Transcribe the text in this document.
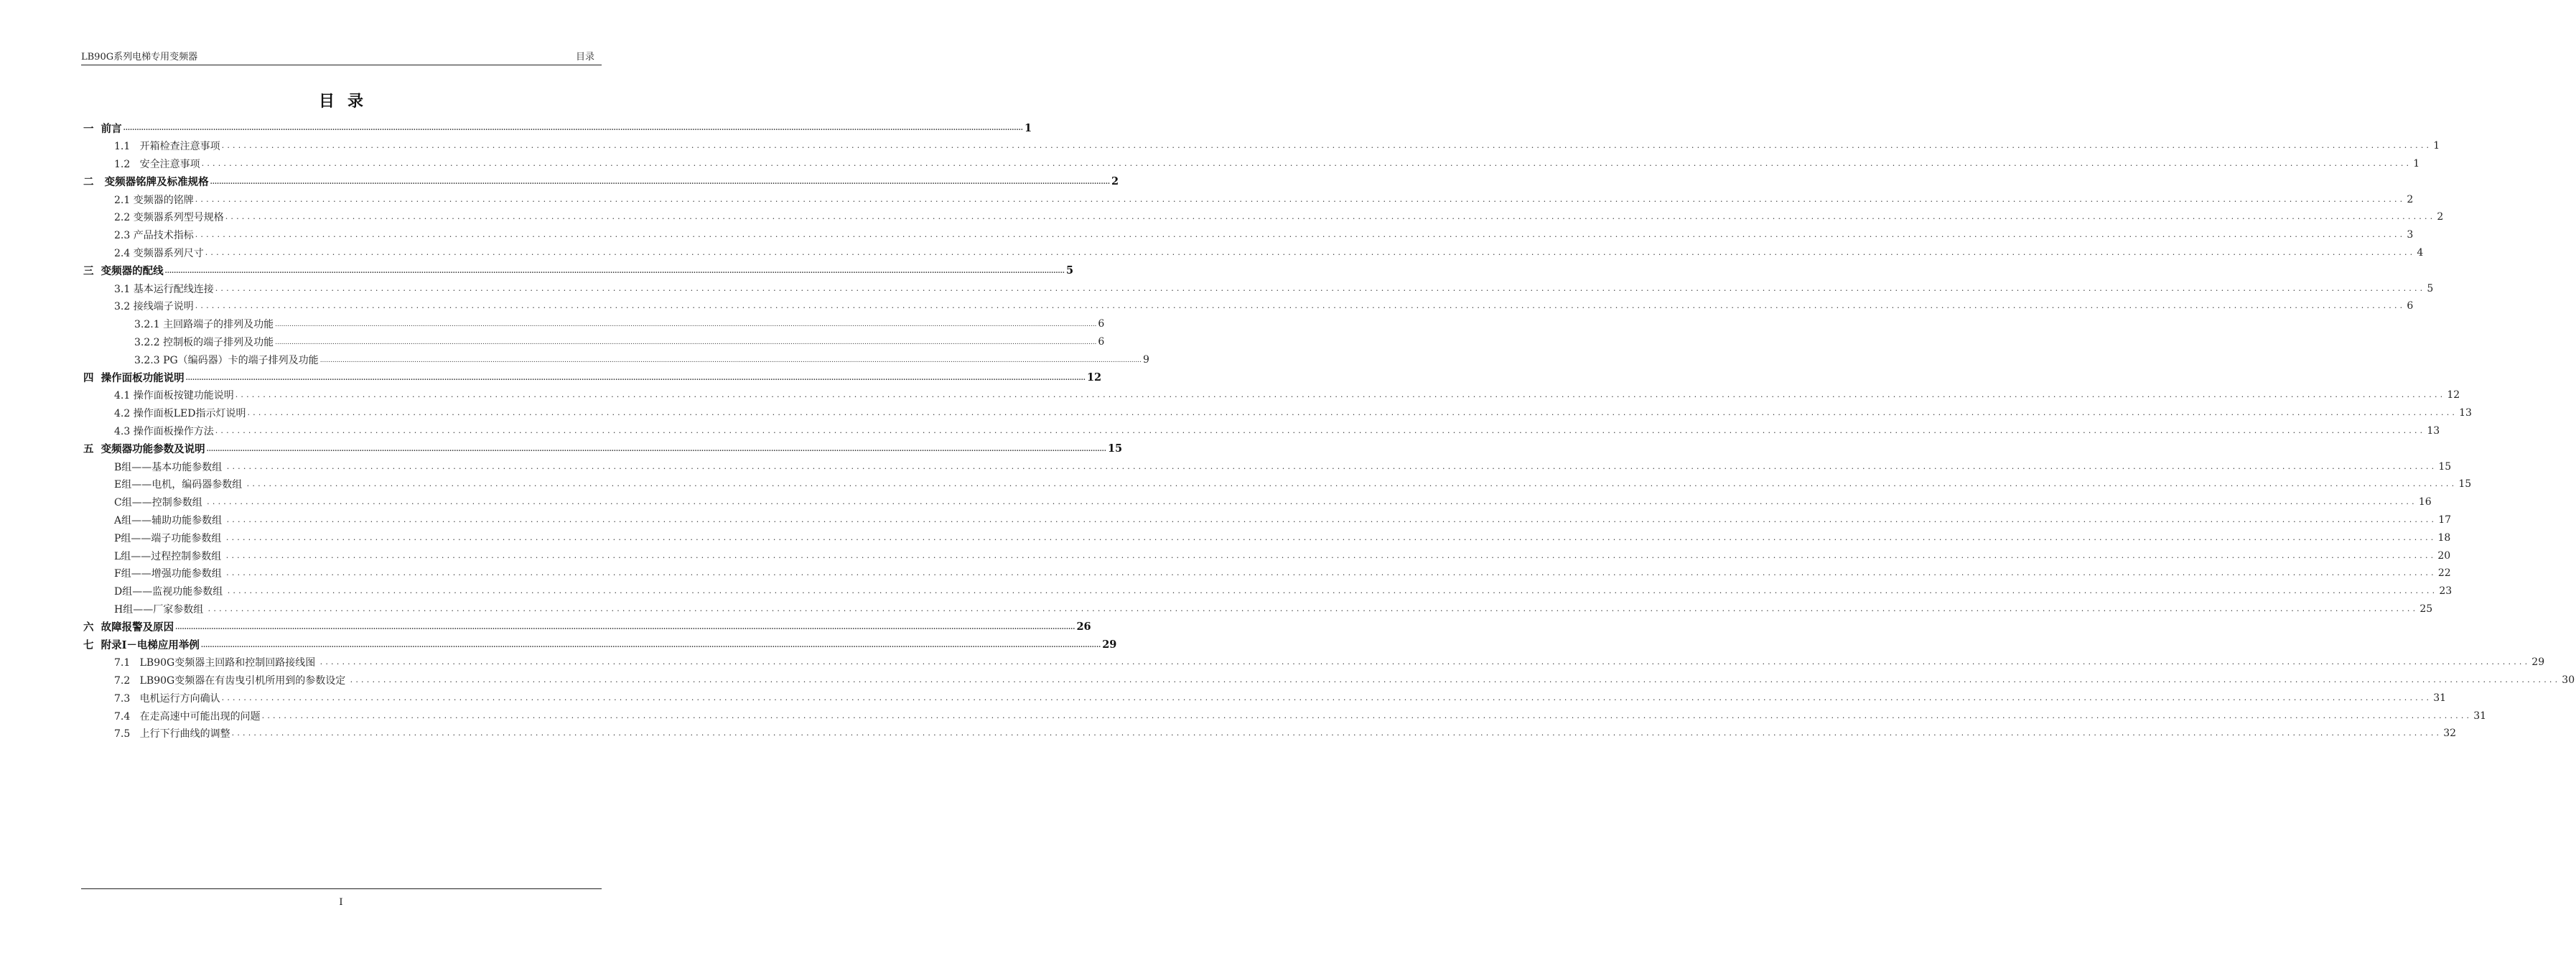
LB90G系列电梯专用变频器	目录
目录
一  前言 ................................................................................................................................................................................................................................................................................................................................................................................................................ 1
1.1   开箱检查注意事项 ................................................................................................................................................................................................................................................................................................................................................................................................................ 1
1.2   安全注意事项 ................................................................................................................................................................................................................................................................................................................................................................................................................ 1
二   变频器铭牌及标准规格 ................................................................................................................................................................................................................................................................................................................................................................................................................ 2
2.1 变频器的铭牌 ................................................................................................................................................................................................................................................................................................................................................................................................................ 2
2.2 变频器系列型号规格 ................................................................................................................................................................................................................................................................................................................................................................................................................ 2
2.3 产品技术指标 ................................................................................................................................................................................................................................................................................................................................................................................................................ 3
2.4 变频器系列尺寸 ................................................................................................................................................................................................................................................................................................................................................................................................................ 4
三  变频器的配线 ................................................................................................................................................................................................................................................................................................................................................................................................................ 5
3.1 基本运行配线连接 ................................................................................................................................................................................................................................................................................................................................................................................................................ 5
3.2 接线端子说明 ................................................................................................................................................................................................................................................................................................................................................................................................................ 6
3.2.1 主回路端子的排列及功能 ................................................................................................................................................................................................................................................................................................................................................................................................................ 6
3.2.2 控制板的端子排列及功能 ................................................................................................................................................................................................................................................................................................................................................................................................................ 6
3.2.3 PG（编码器）卡的端子排列及功能 ................................................................................................................................................................................................................................................................................................................................................................................................................ 9
四  操作面板功能说明 ................................................................................................................................................................................................................................................................................................................................................................................................................ 12
4.1 操作面板按键功能说明 ................................................................................................................................................................................................................................................................................................................................................................................................................ 12
4.2 操作面板LED指示灯说明 ................................................................................................................................................................................................................................................................................................................................................................................................................ 13
4.3 操作面板操作方法 ................................................................................................................................................................................................................................................................................................................................................................................................................ 13
五  变频器功能参数及说明 ................................................................................................................................................................................................................................................................................................................................................................................................................ 15
B组——基本功能参数组 ................................................................................................................................................................................................................................................................................................................................................................................................................ 15
E组——电机，编码器参数组 ................................................................................................................................................................................................................................................................................................................................................................................................................ 15
C组——控制参数组 ................................................................................................................................................................................................................................................................................................................................................................................................................ 16
A组——辅助功能参数组 ................................................................................................................................................................................................................................................................................................................................................................................................................ 17
P组——端子功能参数组 ................................................................................................................................................................................................................................................................................................................................................................................................................ 18
L组——过程控制参数组 ................................................................................................................................................................................................................................................................................................................................................................................................................ 20
F组——增强功能参数组 ................................................................................................................................................................................................................................................................................................................................................................................................................ 22
D组——监视功能参数组 ................................................................................................................................................................................................................................................................................................................................................................................................................ 23
H组——厂家参数组 ................................................................................................................................................................................................................................................................................................................................................................................................................ 25
六  故障报警及原因 ................................................................................................................................................................................................................................................................................................................................................................................................................ 26
七  附录Ⅰ－电梯应用举例 ................................................................................................................................................................................................................................................................................................................................................................................................................ 29
7.1   LB90G变频器主回路和控制回路接线图 ................................................................................................................................................................................................................................................................................................................................................................................................................ 29
7.2   LB90G变频器在有齿曳引机所用到的参数设定 ................................................................................................................................................................................................................................................................................................................................................................................................................ 30
7.3   电机运行方向确认 ................................................................................................................................................................................................................................................................................................................................................................................................................ 31
7.4   在走高速中可能出现的问题 ................................................................................................................................................................................................................................................................................................................................................................................................................ 31
7.5   上行下行曲线的调整 ................................................................................................................................................................................................................................................................................................................................................................................................................ 32
I
